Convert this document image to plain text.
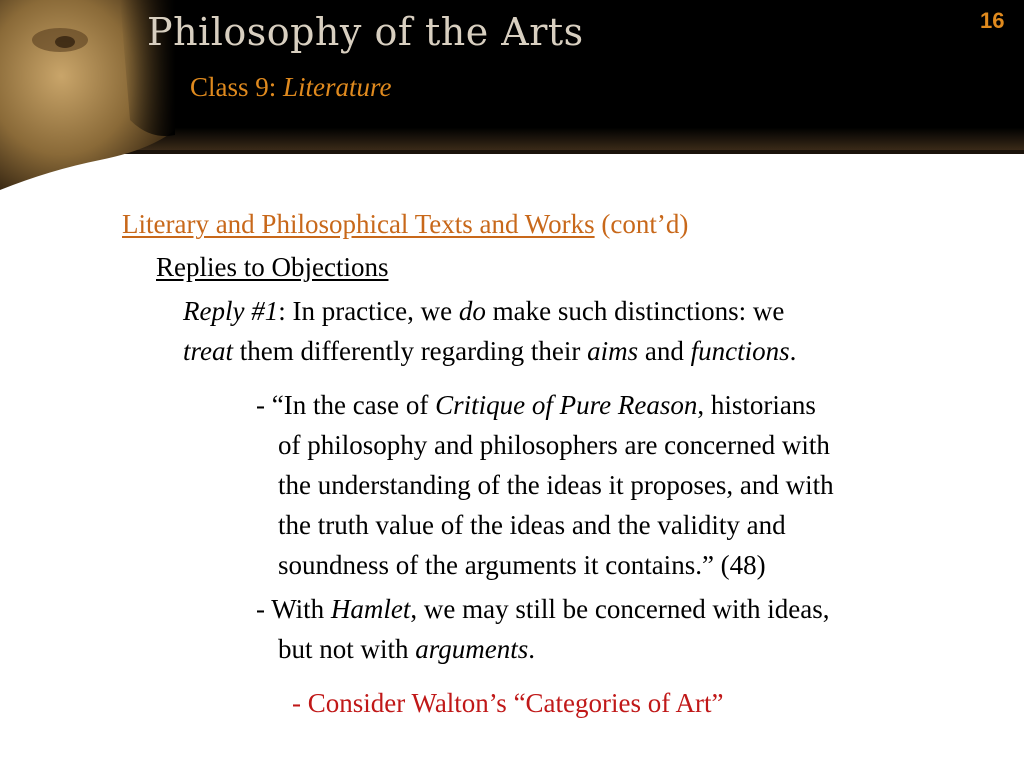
Philosophy of the Arts
Class 9: Literature
16
Literary and Philosophical Texts and Works (cont’d)
Replies to Objections
Reply #1: In practice, we do make such distinctions: we
treat them differently regarding their aims and functions.
- “In the case of Critique of Pure Reason, historians
of philosophy and philosophers are concerned with
the understanding of the ideas it proposes, and with
the truth value of the ideas and the validity and
soundness of the arguments it contains.” (48)
- With Hamlet, we may still be concerned with ideas,
but not with arguments.
- Consider Walton’s “Categories of Art”
